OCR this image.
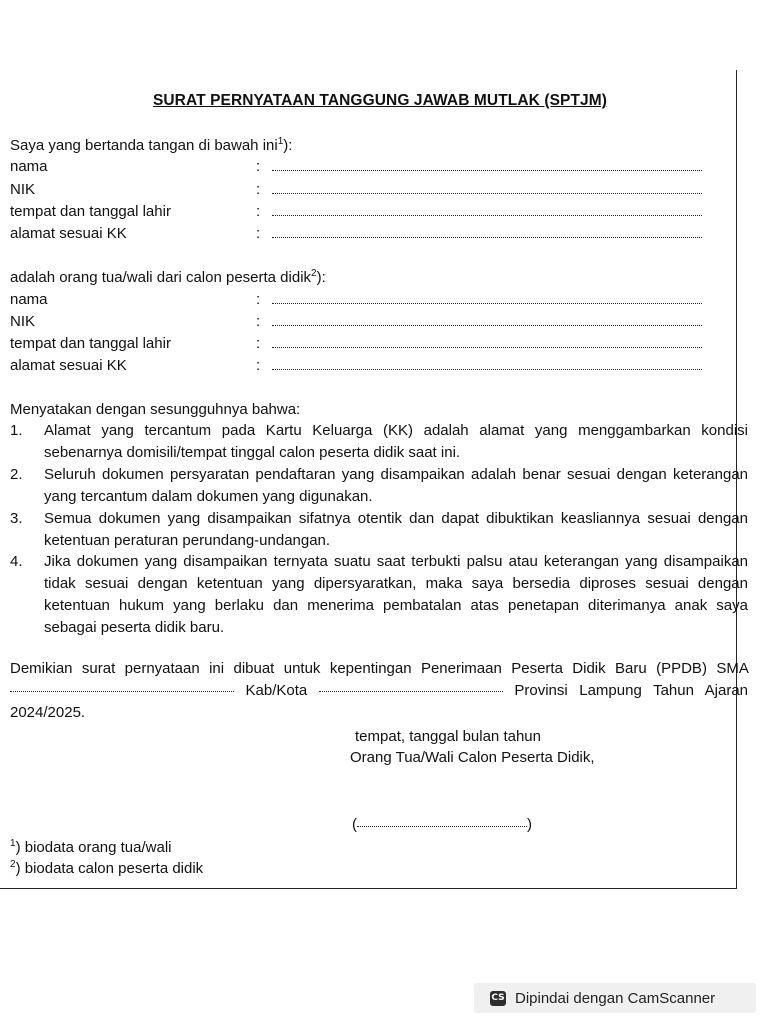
SURAT PERNYATAAN TANGGUNG JAWAB MUTLAK (SPTJM)
Saya yang bertanda tangan di bawah ini$^1$):
nama	:
NIK	:
tempat dan tanggal lahir	:
alamat sesuai KK	:
adalah orang tua/wali dari calon peserta didik$^2$):
nama	:
NIK	:
tempat dan tanggal lahir	:
alamat sesuai KK	:
Menyatakan dengan sesungguhnya bahwa:
1. Alamat yang tercantum pada Kartu Keluarga (KK) adalah alamat yang menggambarkan kondisi sebenarnya domisili/tempat tinggal calon peserta didik saat ini.
2. Seluruh dokumen persyaratan pendaftaran yang disampaikan adalah benar sesuai dengan keterangan yang tercantum dalam dokumen yang digunakan.
3. Semua dokumen yang disampaikan sifatnya otentik dan dapat dibuktikan keasliannya sesuai dengan ketentuan peraturan perundang-undangan.
4. Jika dokumen yang disampaikan ternyata suatu saat terbukti palsu atau keterangan yang disampaikan tidak sesuai dengan ketentuan yang dipersyaratkan, maka saya bersedia diproses sesuai dengan ketentuan hukum yang berlaku dan menerima pembatalan atas penetapan diterimanya anak saya sebagai peserta didik baru.
Demikian surat pernyataan ini dibuat untuk kepentingan Penerimaan Peserta Didik Baru (PPDB) SMA  Kab/Kota	Provinsi Lampung Tahun Ajaran 2024/2025.
tempat, tanggal bulan tahun
Orang Tua/Wali Calon Peserta Didik,
(	)
$^1$) biodata orang tua/wali
$^2$) biodata calon peserta didik
CS Dipindai dengan CamScanner
